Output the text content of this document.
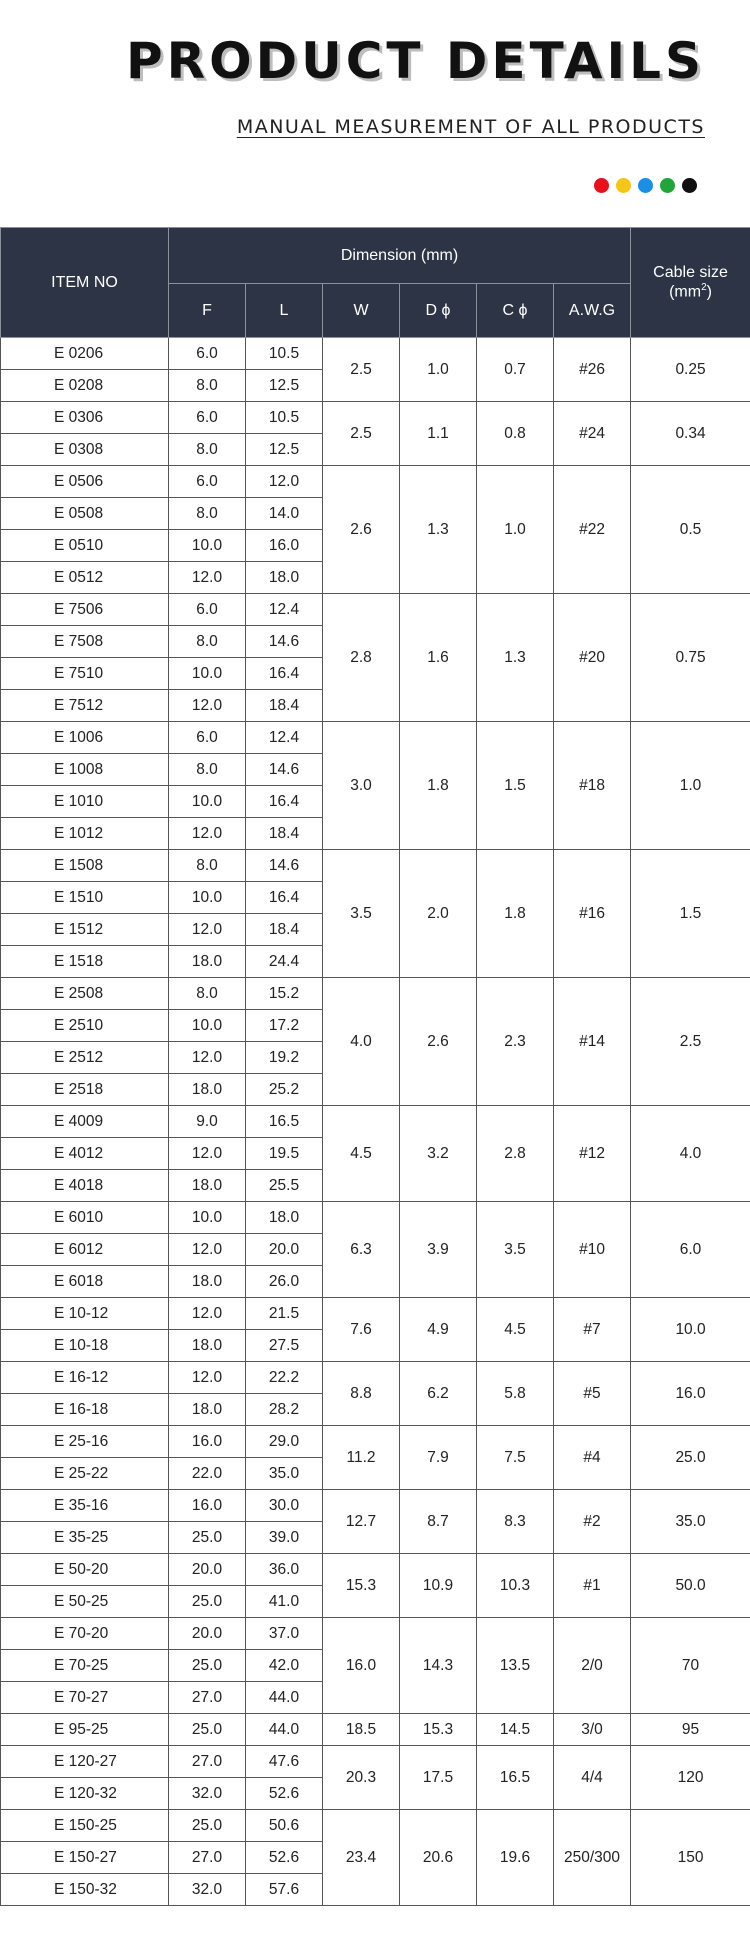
PRODUCT DETAILS
MANUAL MEASUREMENT OF ALL PRODUCTS
ITEM NO	Dimension (mm)						Cable size
$(mm^2)$
	F	L	W	D ϕ	C ϕ	A.W.G	
E 0206	6.0	10.5	2.5	1.0	0.7	#26	0.25
E 0208	8.0	12.5					
E 0306	6.0	10.5	2.5	1.1	0.8	#24	0.34
E 0308	8.0	12.5					
E 0506	6.0	12.0	2.6	1.3	1.0	#22	0.5
E 0508	8.0	14.0					
E 0510	10.0	16.0					
E 0512	12.0	18.0					
E 7506	6.0	12.4	2.8	1.6	1.3	#20	0.75
E 7508	8.0	14.6					
E 7510	10.0	16.4					
E 7512	12.0	18.4					
E 1006	6.0	12.4	3.0	1.8	1.5	#18	1.0
E 1008	8.0	14.6					
E 1010	10.0	16.4					
E 1012	12.0	18.4					
E 1508	8.0	14.6	3.5	2.0	1.8	#16	1.5
E 1510	10.0	16.4					
E 1512	12.0	18.4					
E 1518	18.0	24.4					
E 2508	8.0	15.2	4.0	2.6	2.3	#14	2.5
E 2510	10.0	17.2					
E 2512	12.0	19.2					
E 2518	18.0	25.2					
E 4009	9.0	16.5	4.5	3.2	2.8	#12	4.0
E 4012	12.0	19.5					
E 4018	18.0	25.5					
E 6010	10.0	18.0	6.3	3.9	3.5	#10	6.0
E 6012	12.0	20.0					
E 6018	18.0	26.0					
E 10-12	12.0	21.5	7.6	4.9	4.5	#7	10.0
E 10-18	18.0	27.5					
E 16-12	12.0	22.2	8.8	6.2	5.8	#5	16.0
E 16-18	18.0	28.2					
E 25-16	16.0	29.0	11.2	7.9	7.5	#4	25.0
E 25-22	22.0	35.0					
E 35-16	16.0	30.0	12.7	8.7	8.3	#2	35.0
E 35-25	25.0	39.0					
E 50-20	20.0	36.0	15.3	10.9	10.3	#1	50.0
E 50-25	25.0	41.0					
E 70-20	20.0	37.0	16.0	14.3	13.5	2/0	70
E 70-25	25.0	42.0					
E 70-27	27.0	44.0					
E 95-25	25.0	44.0	18.5	15.3	14.5	3/0	95
E 120-27	27.0	47.6	20.3	17.5	16.5	4/4	120
E 120-32	32.0	52.6					
E 150-25	25.0	50.6	23.4	20.6	19.6	250/300	150
E 150-27	27.0	52.6					
E 150-32	32.0	57.6					
